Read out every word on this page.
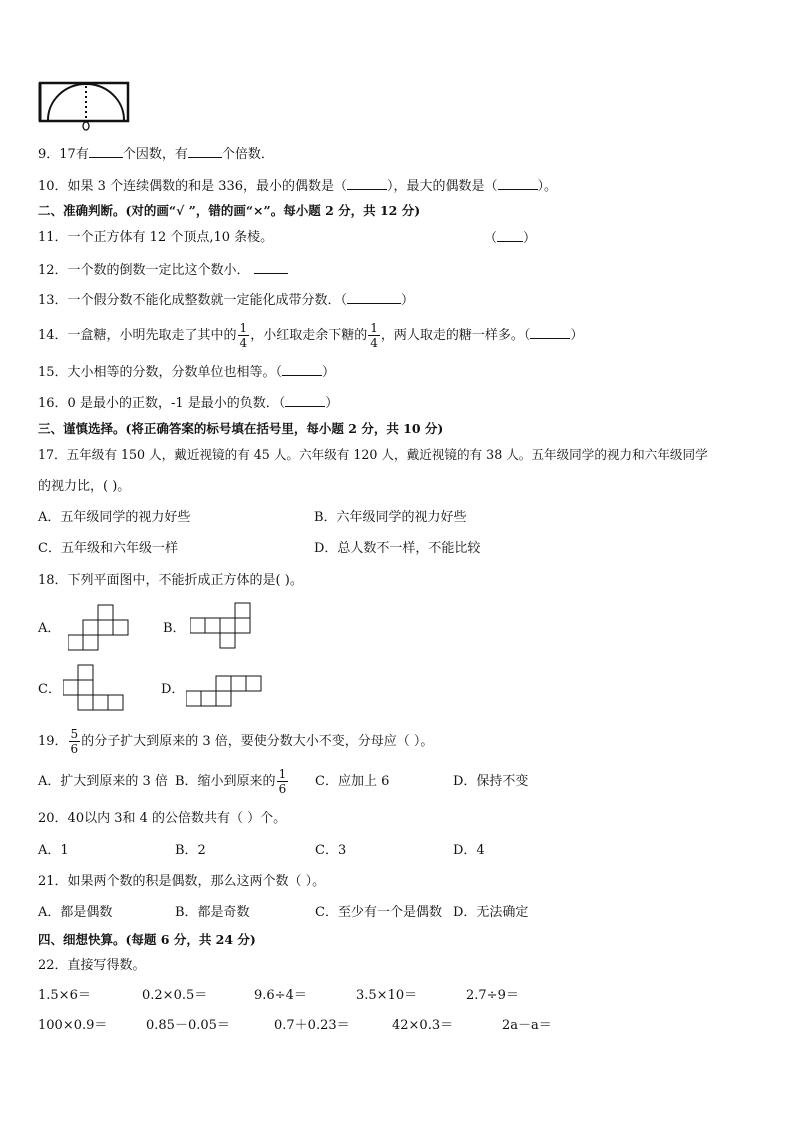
9．17有	个因数，有	个倍数．
10．如果 3 个连续偶数的和是 336，最小的偶数是（	），最大的偶数是（	）。
二、准确判断。(对的画“√ ”，错的画“×”。每小题 2 分，共 12 分)
11．一个正方体有 12 个顶点,10 条棱。	（ ）
12．一个数的倒数一定比这个数小．
13．一个假分数不能化成整数就一定能化成带分数．（	）
14．一盒糖，小明先取走了其中的 $\frac{1}{4}$ ，小红取走余下糖的 $\frac{1}{4}$ ，两人取走的糖一样多。（	）
15．大小相等的分数，分数单位也相等。（	）
16．0 是最小的正数，-1 是最小的负数．（	）
三、谨慎选择。(将正确答案的标号填在括号里，每小题 2 分，共 10 分)
17．五年级有 150 人，戴近视镜的有 45 人。六年级有 120 人，戴近视镜的有 38 人。五年级同学的视力和六年级同学
的视力比，( )。
A．五年级同学的视力好些	B．六年级同学的视力好些
C．五年级和六年级一样	D．总人数不一样，不能比较
18．下列平面图中，不能折成正方体的是( )。
A．	B．
C．	D．
19． $\frac{5}{6}$ 的分子扩大到原来的 3 倍，要使分数大小不变，分母应（ ）。
A．扩大到原来的 3 倍 B．缩小到原来的 $\frac{1}{6}$ C．应加上 6	D．保持不变
20．40以内 3和 4 的公倍数共有（ ）个。
A．1	B．2	C．3	D．4
21．如果两个数的积是偶数，那么这两个数（ ）。
A．都是偶数	B．都是奇数	C．至少有一个是偶数 D．无法确定
四、细想快算。(每题 6 分，共 24 分)
22．直接写得数。
1.5×6＝	0.2×0.5＝	9.6÷4＝	3.5×10＝	2.7÷9＝
100×0.9＝	0.85－0.05＝	0.7＋0.23＝	42×0.3＝	2a－a＝
